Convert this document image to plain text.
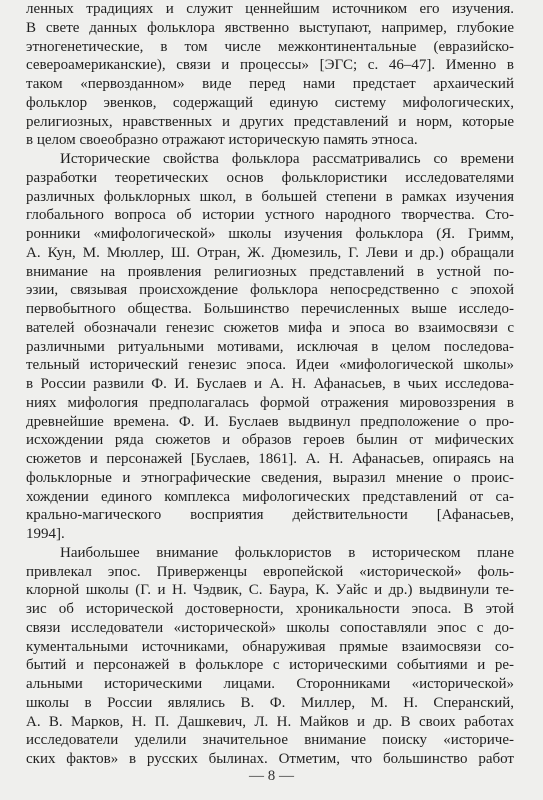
ленных традициях и служит ценнейшим источником его изучения.
В свете данных фольклора явственно выступают, например, глубокие
этногенетические, в том числе межконтинентальные (евразийско-
североамериканские), связи и процессы» [ЭГС; с. 46–47]. Именно в
таком «первозданном» виде перед нами предстает архаический
фольклор эвенков, содержащий единую систему мифологических,
религиозных, нравственных и других представлений и норм, которые
в целом своеобразно отражают историческую память этноса.
Исторические свойства фольклора рассматривались со времени
разработки теоретических основ фольклористики исследователями
различных фольклорных школ, в большей степени в рамках изучения
глобального вопроса об истории устного народного творчества. Сто-
ронники «мифологической» школы изучения фольклора (Я. Гримм,
А. Кун, М. Мюллер, Ш. Отран, Ж. Дюмезиль, Г. Леви и др.) обращали
внимание на проявления религиозных представлений в устной по-
эзии, связывая происхождение фольклора непосредственно с эпохой
первобытного общества. Большинство перечисленных выше исследо-
вателей обозначали генезис сюжетов мифа и эпоса во взаимосвязи с
различными ритуальными мотивами, исключая в целом последова-
тельный исторический генезис эпоса. Идеи «мифологической школы»
в России развили Ф. И. Буслаев и А. Н. Афанасьев, в чьих исследова-
ниях мифология предполагалась формой отражения мировоззрения в
древнейшие времена. Ф. И. Буслаев выдвинул предположение о про-
исхождении ряда сюжетов и образов героев былин от мифических
сюжетов и персонажей [Буслаев, 1861]. А. Н. Афанасьев, опираясь на
фольклорные и этнографические сведения, выразил мнение о проис-
хождении единого комплекса мифологических представлений от са-
крально-магического восприятия действительности [Афанасьев,
1994].
Наибольшее внимание фольклористов в историческом плане
привлекал эпос. Приверженцы европейской «исторической» фоль-
клорной школы (Г. и Н. Чэдвик, С. Баура, К. Уайс и др.) выдвинули те-
зис об исторической достоверности, хроникальности эпоса. В этой
связи исследователи «исторической» школы сопоставляли эпос с до-
кументальными источниками, обнаруживая прямые взаимосвязи со-
бытий и персонажей в фольклоре с историческими событиями и ре-
альными историческими лицами. Сторонниками «исторической»
школы в России являлись В. Ф. Миллер, М. Н. Сперанский,
А. В. Марков, Н. П. Дашкевич, Л. Н. Майков и др. В своих работах
исследователи уделили значительное внимание поиску «историче-
ских фактов» в русских былинах. Отметим, что большинство работ
— 8 —
